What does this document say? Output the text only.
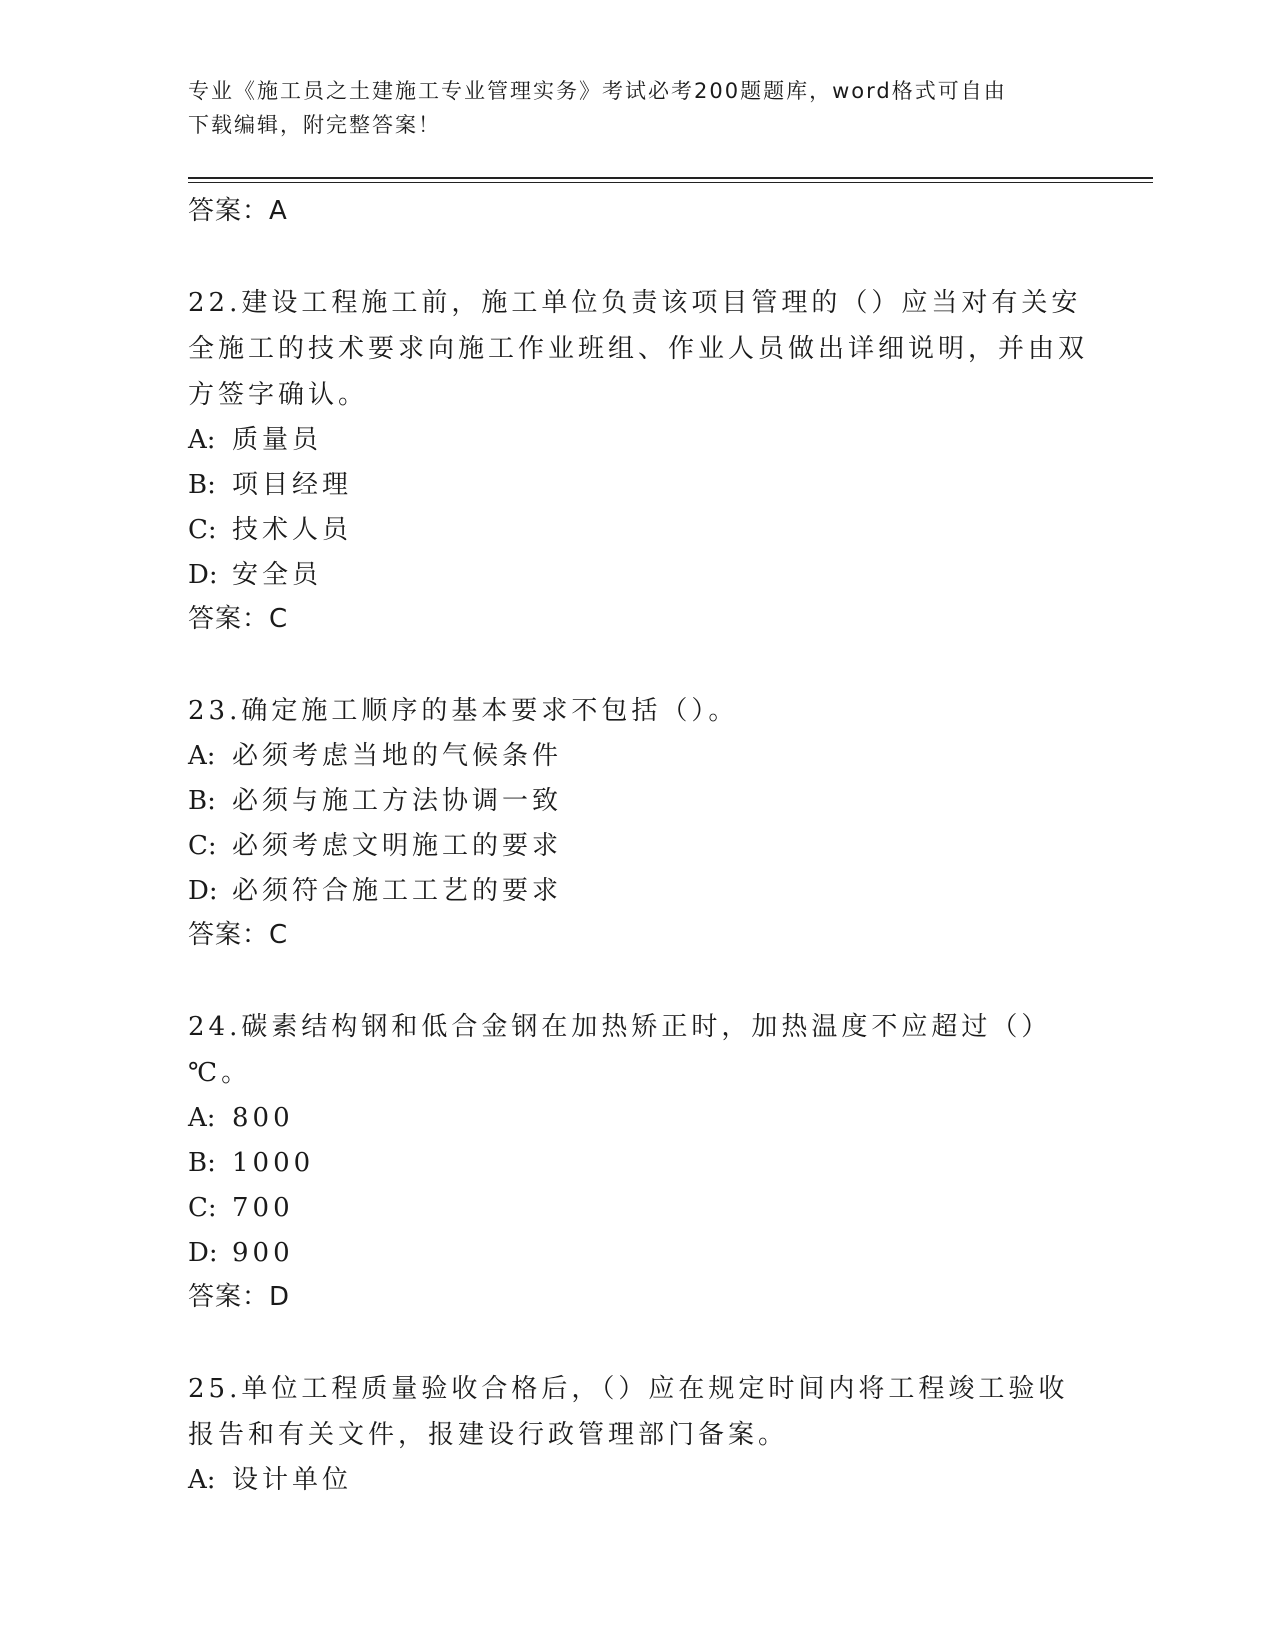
专业《施工员之土建施工专业管理实务》考试必考200题题库，word格式可自由
下载编辑，附完整答案！
答案：A
22.建设工程施工前，施工单位负责该项目管理的（）应当对有关安全施工的技术要求向施工作业班组、作业人员做出详细说明，并由双方签字确认。
A: 质量员
B: 项目经理
C: 技术人员
D: 安全员
答案：C
23.确定施工顺序的基本要求不包括（）。
A: 必须考虑当地的气候条件
B: 必须与施工方法协调一致
C: 必须考虑文明施工的要求
D: 必须符合施工工艺的要求
答案：C
24.碳素结构钢和低合金钢在加热矫正时，加热温度不应超过（）℃。
A: 800
B: 1000
C: 700
D: 900
答案：D
25.单位工程质量验收合格后，（）应在规定时间内将工程竣工验收报告和有关文件，报建设行政管理部门备案。
A: 设计单位
